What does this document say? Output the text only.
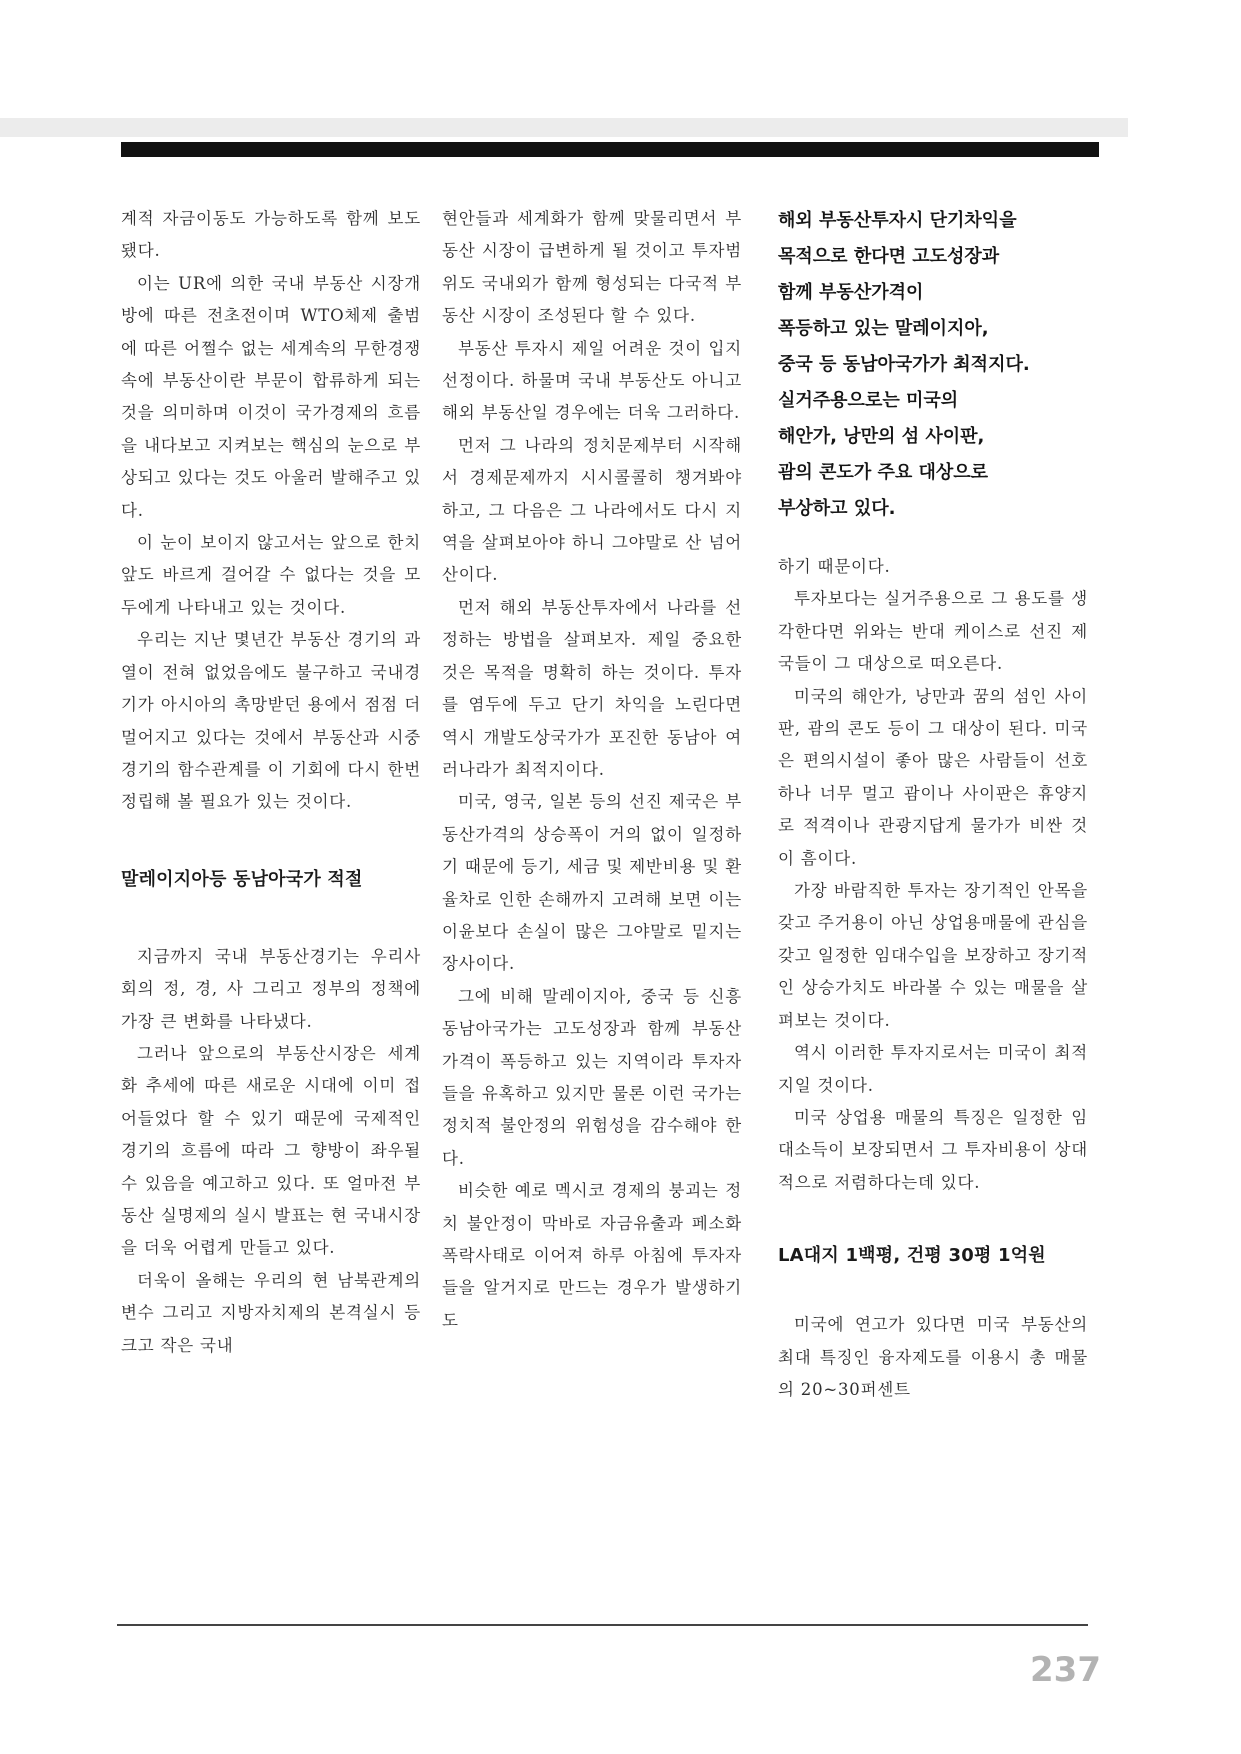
계적 자금이동도 가능하도록 함께 보도됐다.

이는 UR에 의한 국내 부동산 시장개방에 따른 전초전이며 WTO체제 출범에 따른 어쩔수 없는 세계속의 무한경쟁속에 부동산이란 부문이 합류하게 되는 것을 의미하며 이것이 국가경제의 흐름을 내다보고 지켜보는 핵심의 눈으로 부상되고 있다는 것도 아울러 발해주고 있다.

이 눈이 보이지 않고서는 앞으로 한치 앞도 바르게 걸어갈 수 없다는 것을 모두에게 나타내고 있는 것이다.

우리는 지난 몇년간 부동산 경기의 과열이 전혀 없었음에도 불구하고 국내경기가 아시아의 촉망받던 용에서 점점 더 멀어지고 있다는 것에서 부동산과 시중경기의 함수관계를 이 기회에 다시 한번 정립해 볼 필요가 있는 것이다.

말레이지아등 동남아국가 적절

지금까지 국내 부동산경기는 우리사회의 정, 경, 사 그리고 정부의 정책에 가장 큰 변화를 나타냈다.

그러나 앞으로의 부동산시장은 세계화 추세에 따른 새로운 시대에 이미 접어들었다 할 수 있기 때문에 국제적인 경기의 흐름에 따라 그 향방이 좌우될 수 있음을 예고하고 있다. 또 얼마전 부동산 실명제의 실시 발표는 현 국내시장을 더욱 어렵게 만들고 있다.

더욱이 올해는 우리의 현 남북관계의 변수 그리고 지방자치제의 본격실시 등 크고 작은 국내

현안들과 세계화가 함께 맞물리면서 부동산 시장이 급변하게 될 것이고 투자범위도 국내외가 함께 형성되는 다국적 부동산 시장이 조성된다 할 수 있다.

부동산 투자시 제일 어려운 것이 입지선정이다. 하물며 국내 부동산도 아니고 해외 부동산일 경우에는 더욱 그러하다.

먼저 그 나라의 정치문제부터 시작해서 경제문제까지 시시콜콜히 챙겨봐야 하고, 그 다음은 그 나라에서도 다시 지역을 살펴보아야 하니 그야말로 산 넘어 산이다.

먼저 해외 부동산투자에서 나라를 선정하는 방법을 살펴보자. 제일 중요한 것은 목적을 명확히 하는 것이다. 투자를 염두에 두고 단기 차익을 노린다면 역시 개발도상국가가 포진한 동남아 여러나라가 최적지이다.

미국, 영국, 일본 등의 선진 제국은 부동산가격의 상승폭이 거의 없이 일정하기 때문에 등기, 세금 및 제반비용 및 환율차로 인한 손해까지 고려해 보면 이는 이윤보다 손실이 많은 그야말로 밑지는 장사이다.

그에 비해 말레이지아, 중국 등 신흥 동남아국가는 고도성장과 함께 부동산가격이 폭등하고 있는 지역이라 투자자들을 유혹하고 있지만 물론 이런 국가는 정치적 불안정의 위험성을 감수해야 한다.

비슷한 예로 멕시코 경제의 붕괴는 정치 불안정이 막바로 자금유출과 페소화 폭락사태로 이어져 하루 아침에 투자자들을 알거지로 만드는 경우가 발생하기도

해외 부동산투자시 단기차익을
목적으로 한다면 고도성장과
함께 부동산가격이
폭등하고 있는 말레이지아,
중국 등 동남아국가가 최적지다.
실거주용으로는 미국의
해안가, 낭만의 섬 사이판,
괌의 콘도가 주요 대상으로
부상하고 있다.

하기 때문이다.

투자보다는 실거주용으로 그 용도를 생각한다면 위와는 반대 케이스로 선진 제국들이 그 대상으로 떠오른다.

미국의 해안가, 낭만과 꿈의 섬인 사이판, 괌의 콘도 등이 그 대상이 된다. 미국은 편의시설이 좋아 많은 사람들이 선호하나 너무 멀고 괌이나 사이판은 휴양지로 적격이나 관광지답게 물가가 비싼 것이 흠이다.

가장 바람직한 투자는 장기적인 안목을 갖고 주거용이 아닌 상업용매물에 관심을 갖고 일정한 임대수입을 보장하고 장기적인 상승가치도 바라볼 수 있는 매물을 살펴보는 것이다.

역시 이러한 투자지로서는 미국이 최적지일 것이다.

미국 상업용 매물의 특징은 일정한 임대소득이 보장되면서 그 투자비용이 상대적으로 저렴하다는데 있다.

LA대지 1백평, 건평 30평 1억원

미국에 연고가 있다면 미국 부동산의 최대 특징인 융자제도를 이용시 총 매물의 20~30퍼센트

237
